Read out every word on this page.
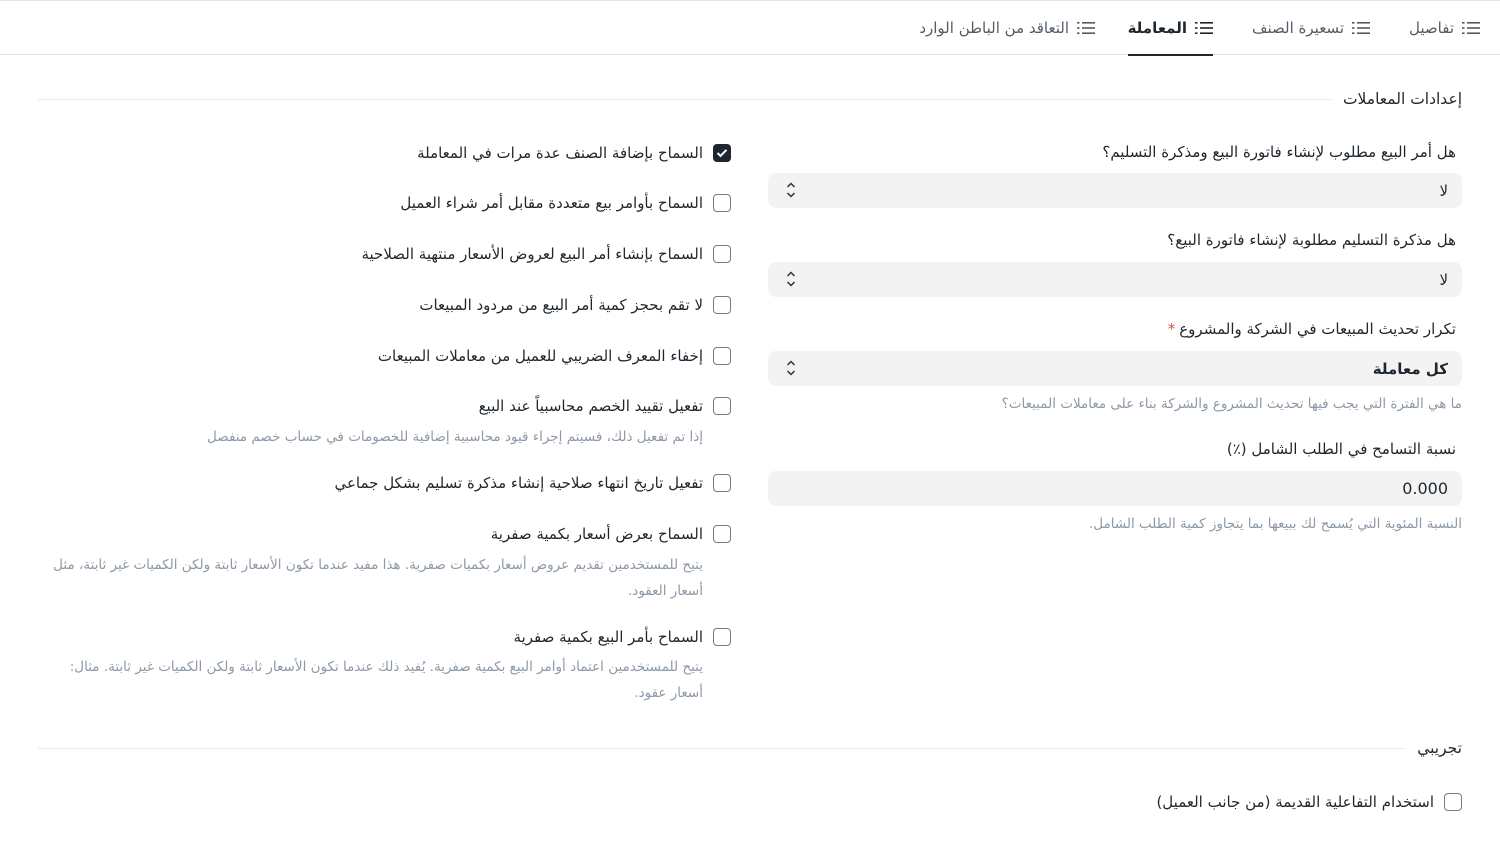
تفاصيل
تسعيرة الصنف
المعاملة
التعاقد من الباطن الوارد
إعدادات المعاملات
هل أمر البيع مطلوب لإنشاء فاتورة البيع ومذكرة التسليم؟
لا
هل مذكرة التسليم مطلوبة لإنشاء فاتورة البيع؟
لا
تكرار تحديث المبيعات في الشركة والمشروع*
كل معاملة
ما هي الفترة التي يجب فيها تحديث المشروع والشركة بناء على معاملات المبيعات؟
نسبة التسامح في الطلب الشامل (٪)
0.000
النسبة المئوية التي يُسمح لك ببيعها بما يتجاوز كمية الطلب الشامل.
السماح بإضافة الصنف عدة مرات في المعاملة
السماح بأوامر بيع متعددة مقابل أمر شراء العميل
السماح بإنشاء أمر البيع لعروض الأسعار منتهية الصلاحية
لا تقم بحجز كمية أمر البيع من مردود المبيعات
إخفاء المعرف الضريبي للعميل من معاملات المبيعات
تفعيل تقييد الخصم محاسبياً عند البيع
إذا تم تفعيل ذلك، فسيتم إجراء قيود محاسبية إضافية للخصومات في حساب خصم منفصل
تفعيل تاريخ انتهاء صلاحية إنشاء مذكرة تسليم بشكل جماعي
السماح بعرض أسعار بكمية صفرية
يتيح للمستخدمين تقديم عروض أسعار بكميات صفرية. هذا مفيد عندما تكون الأسعار ثابتة ولكن الكميات غير ثابتة، مثل أسعار العقود.
السماح بأمر البيع بكمية صفرية
يتيح للمستخدمين اعتماد أوامر البيع بكمية صفرية. يُفيد ذلك عندما تكون الأسعار ثابتة ولكن الكميات غير ثابتة. مثال: أسعار عقود.
تجريبي
استخدام التفاعلية القديمة (من جانب العميل)
